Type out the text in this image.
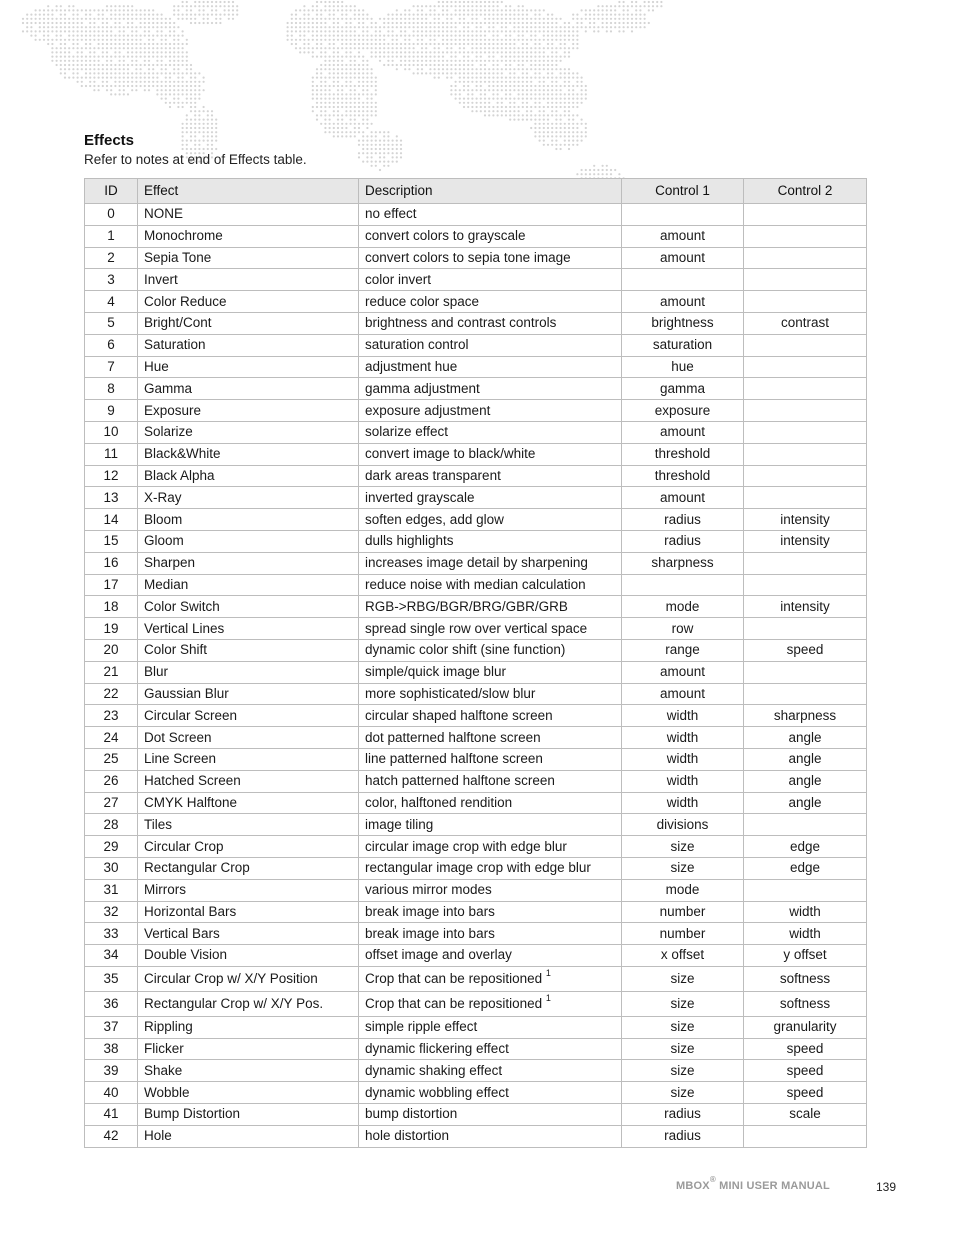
Effects
Refer to notes at end of Effects table.
ID	Effect	Description	Control 1	Control 2
0	NONE	no effect		
1	Monochrome	convert colors to grayscale	amount	
2	Sepia Tone	convert colors to sepia tone image	amount	
3	Invert	color invert		
4	Color Reduce	reduce color space	amount	
5	Bright/Cont	brightness and contrast controls	brightness	contrast
6	Saturation	saturation control	saturation	
7	Hue	adjustment hue	hue	
8	Gamma	gamma adjustment	gamma	
9	Exposure	exposure adjustment	exposure	
10	Solarize	solarize effect	amount	
11	Black&White	convert image to black/white	threshold	
12	Black Alpha	dark areas transparent	threshold	
13	X-Ray	inverted grayscale	amount	
14	Bloom	soften edges, add glow	radius	intensity
15	Gloom	dulls highlights	radius	intensity
16	Sharpen	increases image detail by sharpening	sharpness	
17	Median	reduce noise with median calculation		
18	Color Switch	RGB->RBG/BGR/BRG/GBR/GRB	mode	intensity
19	Vertical Lines	spread single row over vertical space	row	
20	Color Shift	dynamic color shift (sine function)	range	speed
21	Blur	simple/quick image blur	amount	
22	Gaussian Blur	more sophisticated/slow blur	amount	
23	Circular Screen	circular shaped halftone screen	width	sharpness
24	Dot Screen	dot patterned halftone screen	width	angle
25	Line Screen	line patterned halftone screen	width	angle
26	Hatched Screen	hatch patterned halftone screen	width	angle
27	CMYK Halftone	color, halftoned rendition	width	angle
28	Tiles	image tiling	divisions	
29	Circular Crop	circular image crop with edge blur	size	edge
30	Rectangular Crop	rectangular image crop with edge blur	size	edge
31	Mirrors	various mirror modes	mode	
32	Horizontal Bars	break image into bars	number	width
33	Vertical Bars	break image into bars	number	width
34	Double Vision	offset image and overlay	x offset	y offset
35	Circular Crop w/ X/Y Position	Crop that can be repositioned $^1$	size	softness
36	Rectangular Crop w/ X/Y Pos.	Crop that can be repositioned $^1$	size	softness
37	Rippling	simple ripple effect	size	granularity
38	Flicker	dynamic flickering effect	size	speed
39	Shake	dynamic shaking effect	size	speed
40	Wobble	dynamic wobbling effect	size	speed
41	Bump Distortion	bump distortion	radius	scale
42	Hole	hole distortion	radius	
MBOX® MINI USER MANUAL	139
